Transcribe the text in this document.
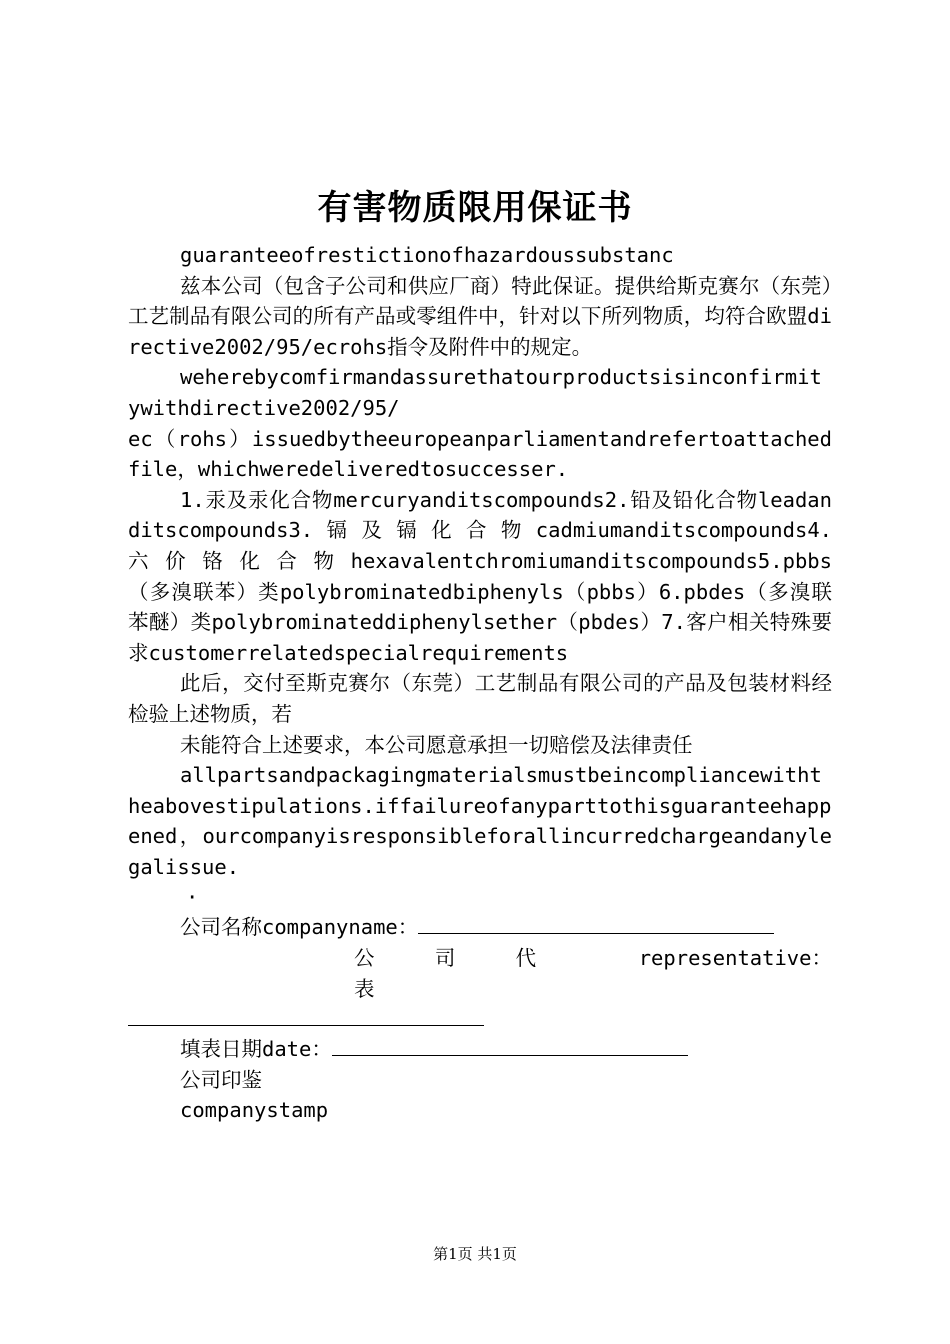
有害物质限用保证书

guaranteeofrestictionofhazardoussubstanc

兹本公司（包含子公司和供应厂商）特此保证。提供给斯克赛尔（东莞）工艺制品有限公司的所有产品或零组件中，针对以下所列物质，均符合欧盟directive2002/95/ecrohs指令及附件中的规定。

weherebycomfirmandassurethatourproductsisinconfirmitywithdirective2002/95/

ec（rohs）issuedbytheeuropeanparliamentandrefertoattachedfile，whichweredeliveredtosuccesser.

1.汞及汞化合物mercuryanditscompounds2.铅及铅化合物leadanditscompounds3. 镉 及 镉 化 合 物 cadmiumanditscompounds4. 六 价 铬 化 合 物 hexavalentchromiumanditscompounds5.pbbs（多溴联苯）类polybrominatedbiphenyls（pbbs）6.pbdes（多溴联苯醚）类polybrominateddiphenylsether（pbdes）7.客户相关特殊要求customerrelatedspecialrequirements

此后，交付至斯克赛尔（东莞）工艺制品有限公司的产品及包装材料经检验上述物质，若

未能符合上述要求，本公司愿意承担一切赔偿及法律责任

allpartsandpackagingmaterialsmustbeincompliancewiththeabovestipulations.iffailureofanyparttothisguaranteehappened，ourcompanyisresponsibleforallincurredchargeandanylegalissue.

·

公司名称companyname：

公 司 代 表
representative ：

填表日期date：

公司印鉴

companystamp

第1页 共1页
